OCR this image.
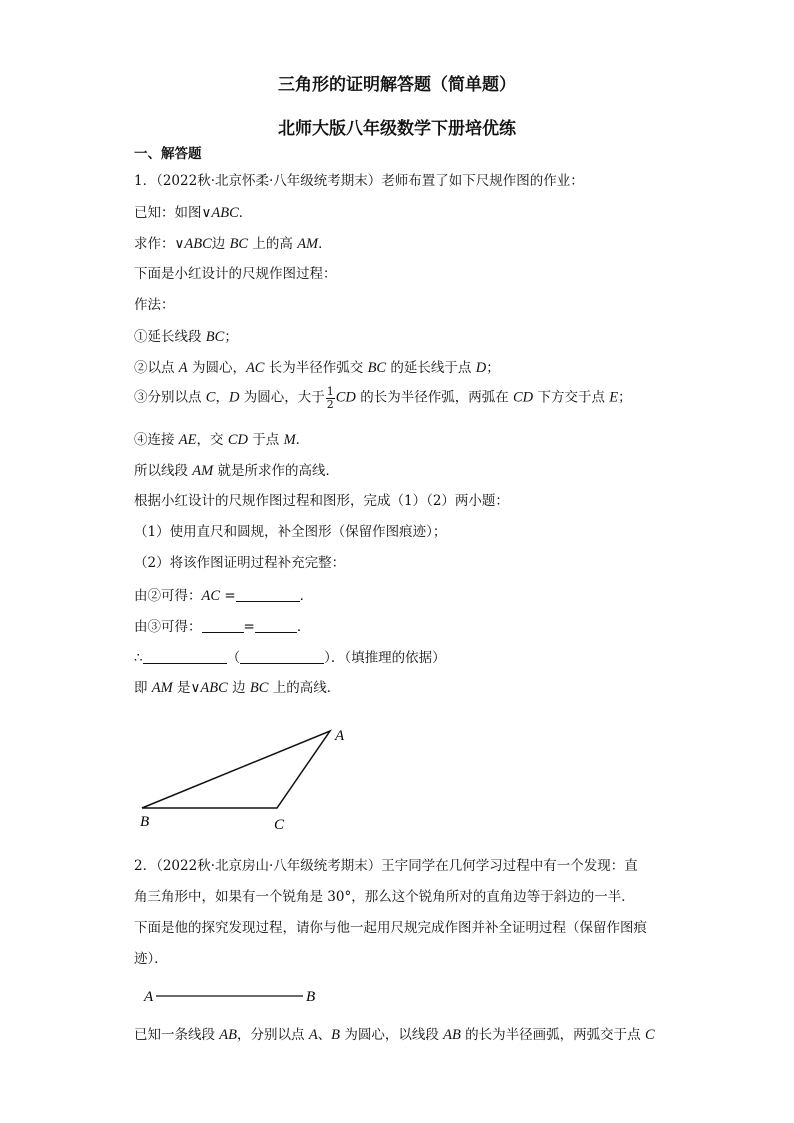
三角形的证明解答题（简单题）
北师大版八年级数学下册培优练
一、解答题
1．（2022秋·北京怀柔·八年级统考期末）老师布置了如下尺规作图的作业：
已知：如图∨ABC．
求作：∨ABC边 BC 上的高 AM．
下面是小红设计的尺规作图过程：
作法：
①延长线段 BC；
②以点 A 为圆心，AC 长为半径作弧交 BC 的延长线于点 D；
③分别以点 C，D 为圆心，大于 $\frac{1}{2}$ CD 的长为半径作弧，两弧在 CD 下方交于点 E；
④连接 AE，交 CD 于点 M．
所以线段 AM 就是所求作的高线．
根据小红设计的尺规作图过程和图形，完成（1）（2）两小题：
（1）使用直尺和圆规，补全图形（保留作图痕迹）；
（2）将该作图证明过程补充完整：
由②可得：AC =	．
由③可得：	=	．
∴	（	）．（填推理的依据）
即 AM 是∨ABC 边 BC 上的高线．
A
B	C
2．（2022秋·北京房山·八年级统考期末）王宇同学在几何学习过程中有一个发现：直
角三角形中，如果有一个锐角是 30°，那么这个锐角所对的直角边等于斜边的一半．
下面是他的探究发现过程，请你与他一起用尺规完成作图并补全证明过程（保留作图痕
迹）．
A	B
已知一条线段 AB，分别以点 A、B 为圆心，以线段 AB 的长为半径画弧，两弧交于点 C
